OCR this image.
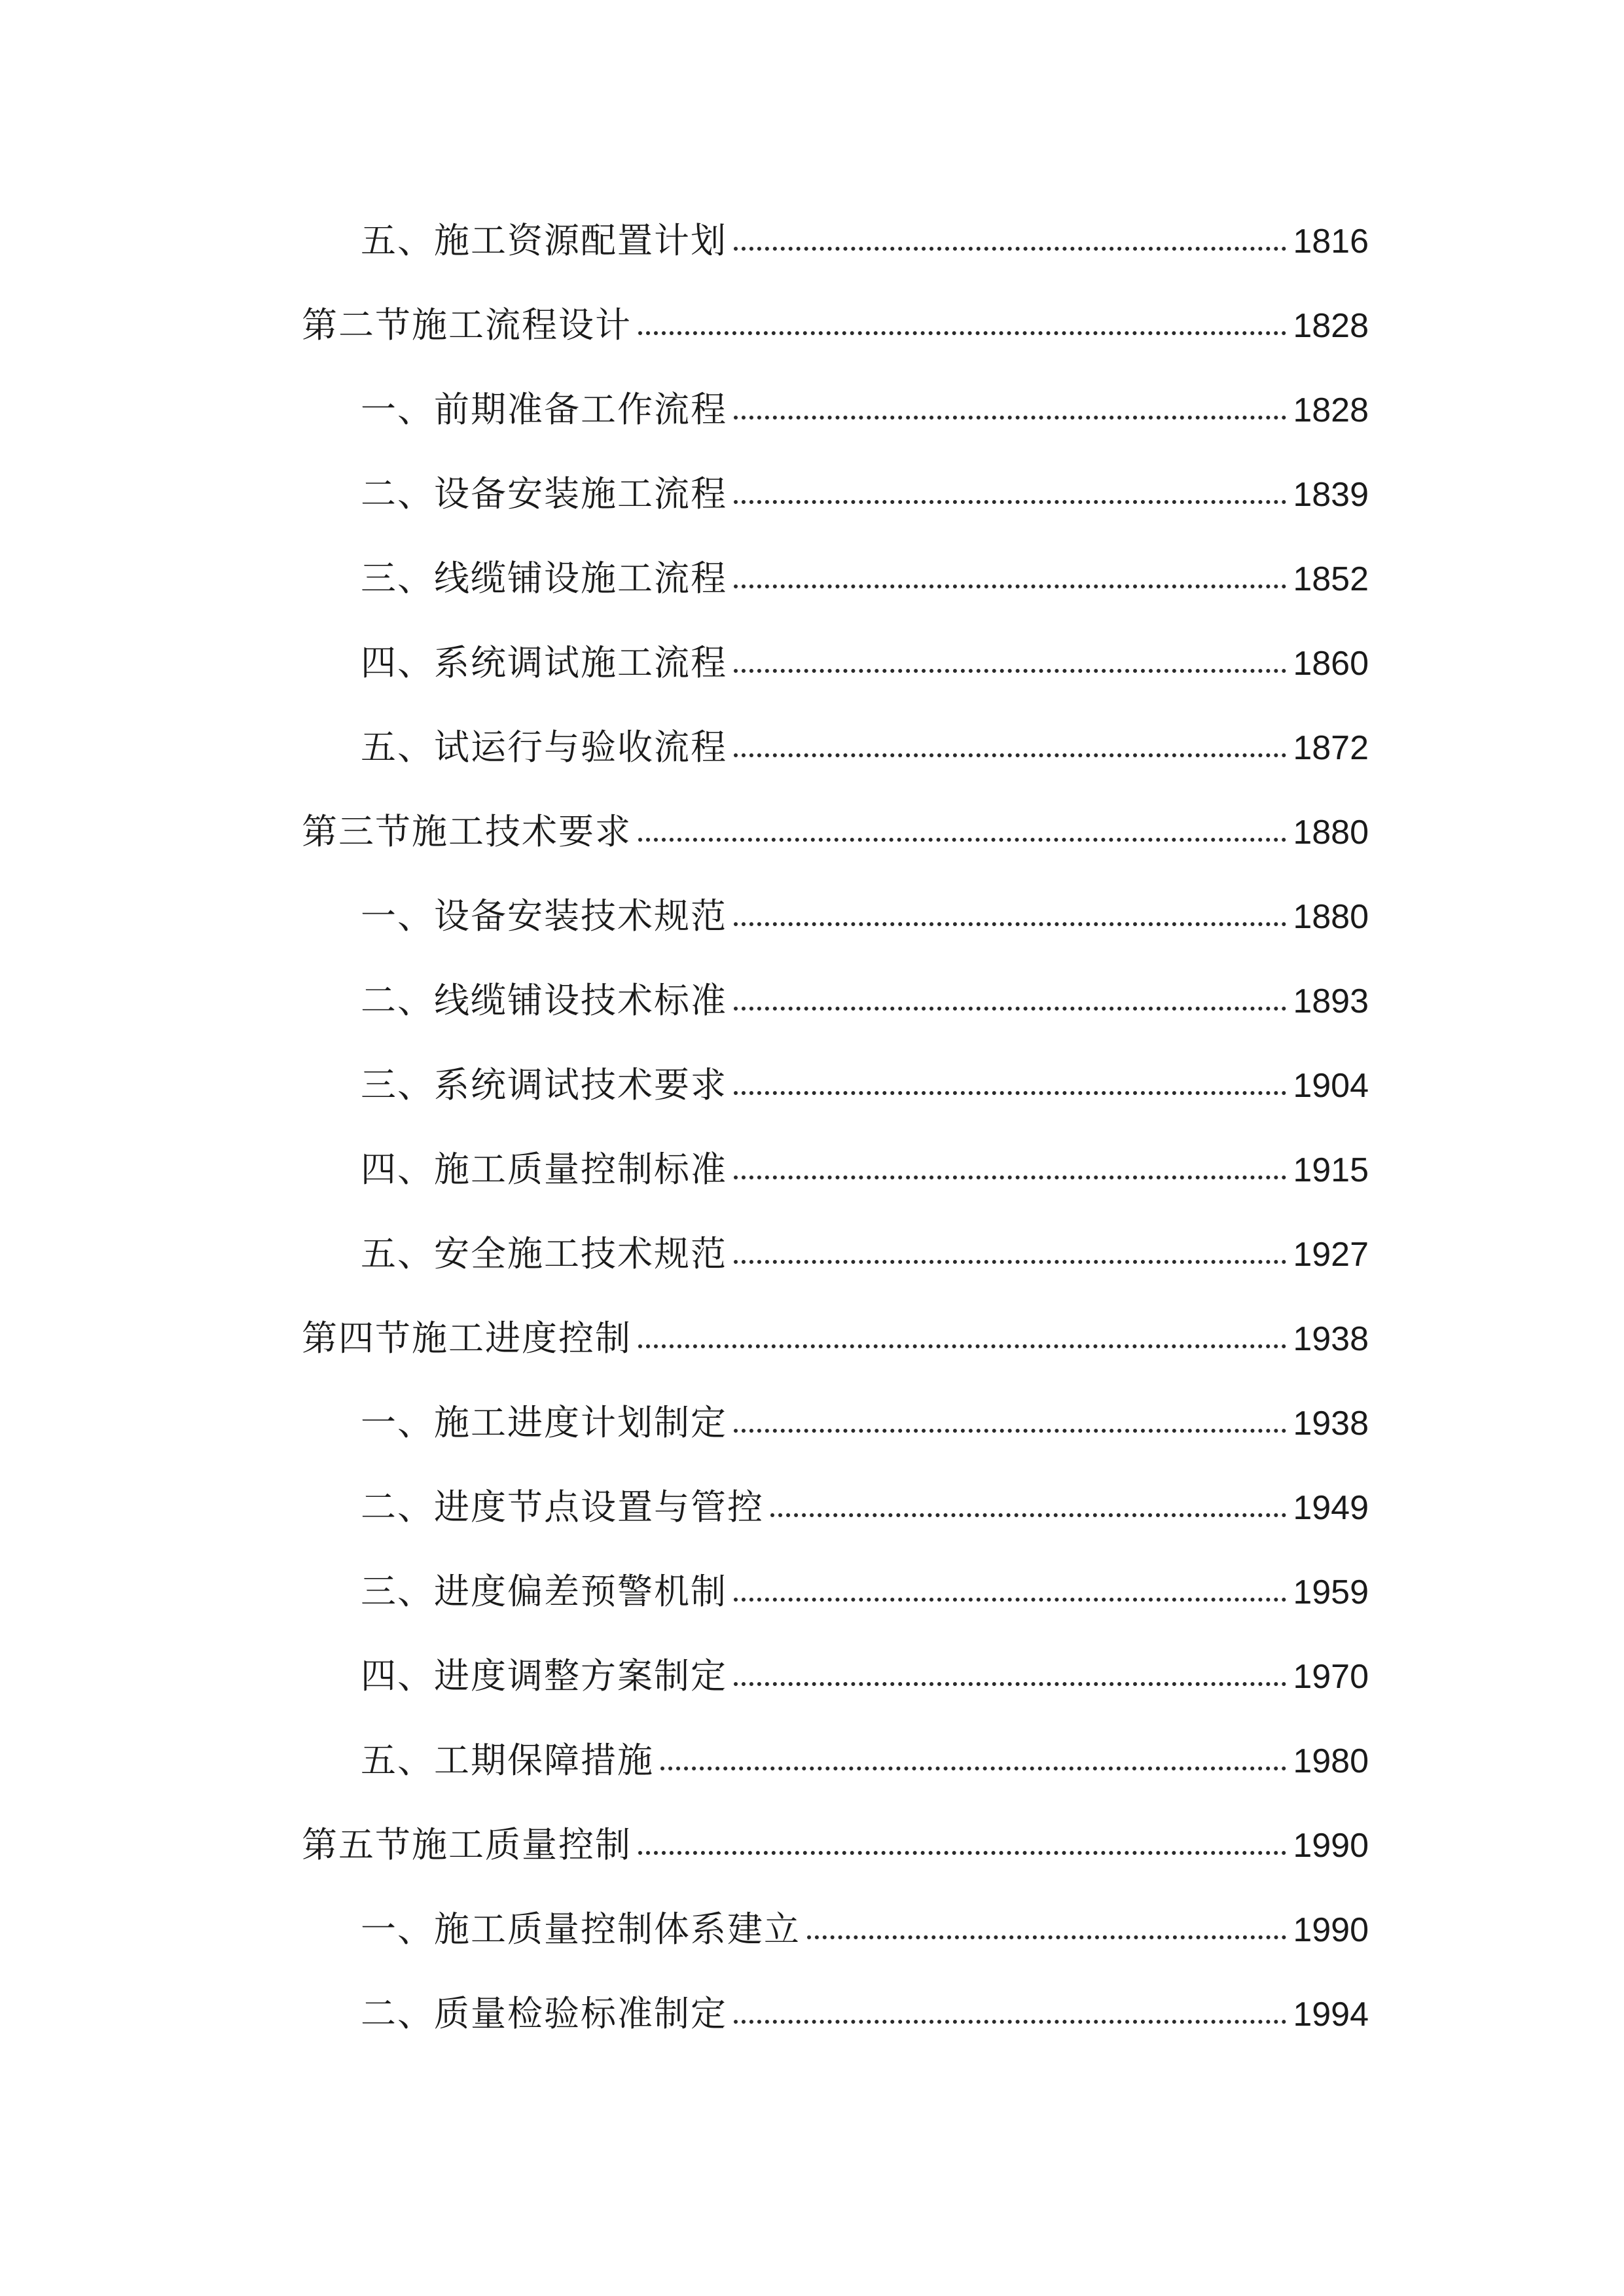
五、施工资源配置计划	1816
第二节施工流程设计	1828
一、前期准备工作流程	1828
二、设备安装施工流程	1839
三、线缆铺设施工流程	1852
四、系统调试施工流程	1860
五、试运行与验收流程	1872
第三节施工技术要求	1880
一、设备安装技术规范	1880
二、线缆铺设技术标准	1893
三、系统调试技术要求	1904
四、施工质量控制标准	1915
五、安全施工技术规范	1927
第四节施工进度控制	1938
一、施工进度计划制定	1938
二、进度节点设置与管控	1949
三、进度偏差预警机制	1959
四、进度调整方案制定	1970
五、工期保障措施	1980
第五节施工质量控制	1990
一、施工质量控制体系建立	1990
二、质量检验标准制定	1994
